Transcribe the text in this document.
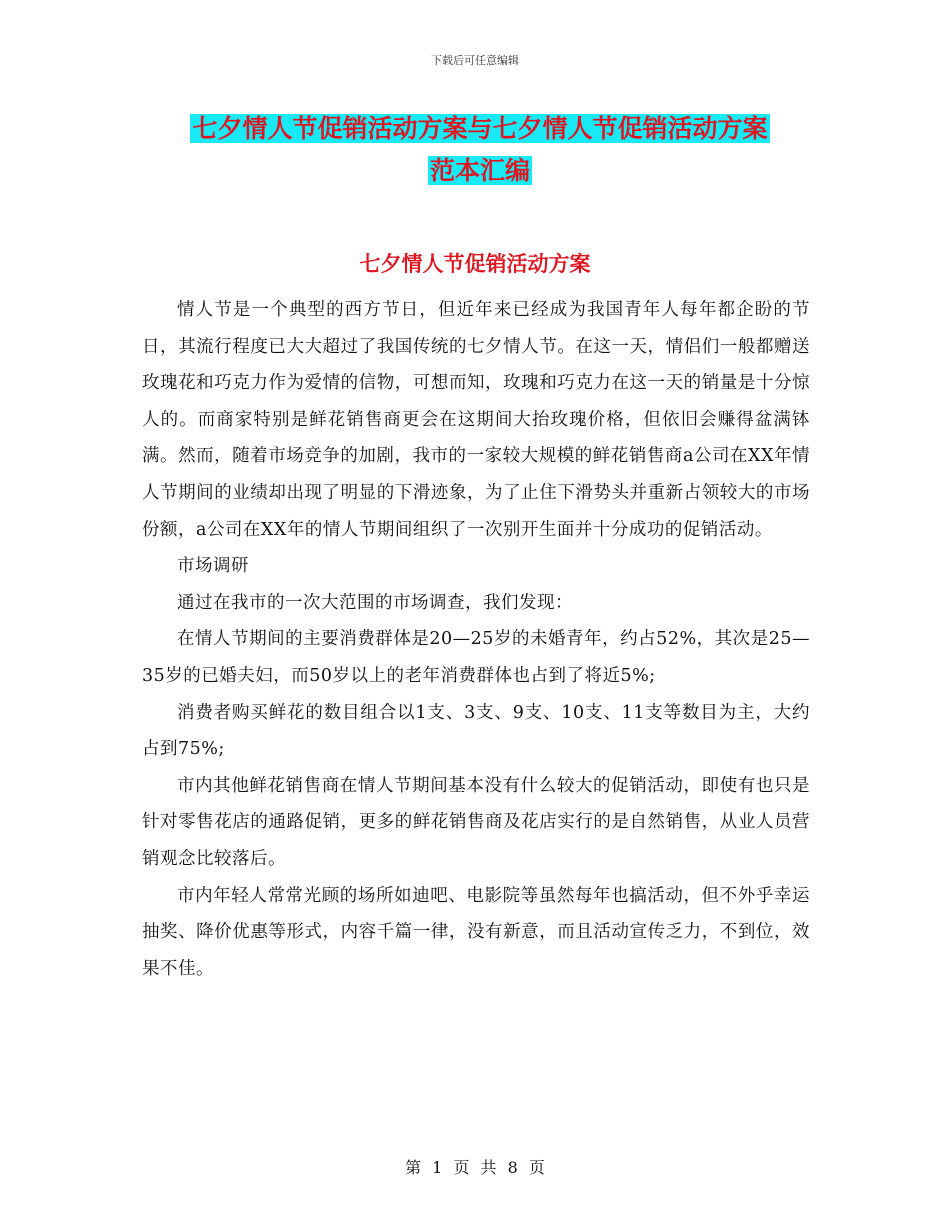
下载后可任意编辑
七夕情人节促销活动方案与七夕情人节促销活动方案
范本汇编
七夕情人节促销活动方案

情人节是一个典型的西方节日，但近年来已经成为我国青年人每年都企盼的节日，其流行程度已大大超过了我国传统的七夕情人节。在这一天，情侣们一般都赠送玫瑰花和巧克力作为爱情的信物，可想而知，玫瑰和巧克力在这一天的销量是十分惊人的。而商家特别是鲜花销售商更会在这期间大抬玫瑰价格，但依旧会赚得盆满钵满。然而，随着市场竞争的加剧，我市的一家较大规模的鲜花销售商a公司在XX年情人节期间的业绩却出现了明显的下滑迹象，为了止住下滑势头并重新占领较大的市场份额，a公司在XX年的情人节期间组织了一次别开生面并十分成功的促销活动。

市场调研

通过在我市的一次大范围的市场调查，我们发现：

在情人节期间的主要消费群体是20—25岁的未婚青年，约占52%，其次是25—35岁的已婚夫妇，而50岁以上的老年消费群体也占到了将近5%;

消费者购买鲜花的数目组合以1支、3支、9支、10支、11支等数目为主，大约占到75%;

市内其他鲜花销售商在情人节期间基本没有什么较大的促销活动，即使有也只是针对零售花店的通路促销，更多的鲜花销售商及花店实行的是自然销售，从业人员营销观念比较落后。

市内年轻人常常光顾的场所如迪吧、电影院等虽然每年也搞活动，但不外乎幸运抽奖、降价优惠等形式，内容千篇一律，没有新意，而且活动宣传乏力，不到位，效果不佳。

第 1 页 共 8 页
